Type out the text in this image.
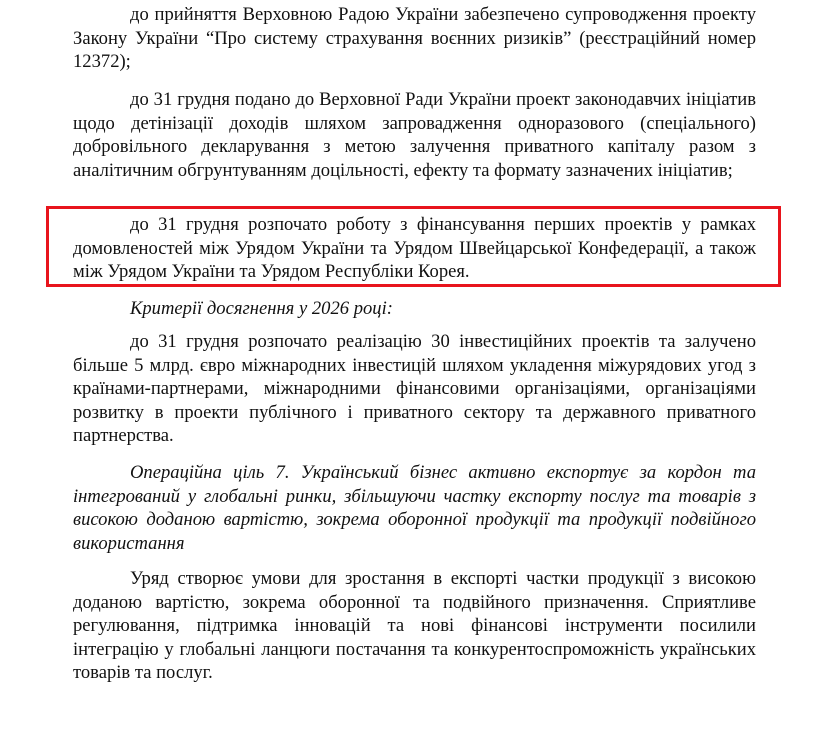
до прийняття Верховною Радою України забезпечено супроводження проекту Закону України “Про систему страхування воєнних ризиків” (реєстраційний номер 12372);

до 31 грудня подано до Верховної Ради України проект законодавчих ініціатив щодо детінізації доходів шляхом запровадження одноразового (спеціального) добровільного декларування з метою залучення приватного капіталу разом з аналітичним обгрунтуванням доцільності, ефекту та формату зазначених ініціатив;

до 31 грудня розпочато роботу з фінансування перших проектів у рамках домовленостей між Урядом України та Урядом Швейцарської Конфедерації, а також між Урядом України та Урядом Республіки Корея.

Критерії досягнення у 2026 році:

до 31 грудня розпочато реалізацію 30 інвестиційних проектів та залучено більше 5 млрд. євро міжнародних інвестицій шляхом укладення міжурядових угод з країнами-партнерами, міжнародними фінансовими організаціями, організаціями розвитку в проекти публічного і приватного сектору та державного приватного партнерства.

Операційна ціль 7. Український бізнес активно експортує за кордон та інтегрований у глобальні ринки, збільшуючи частку експорту послуг та товарів з високою доданою вартістю, зокрема оборонної продукції та продукції подвійного використання

Уряд створює умови для зростання в експорті частки продукції з високою доданою вартістю, зокрема оборонної та подвійного призначення. Сприятливе регулювання, підтримка інновацій та нові фінансові інструменти посилили інтеграцію у глобальні ланцюги постачання та конкурентоспроможність українських товарів та послуг.
